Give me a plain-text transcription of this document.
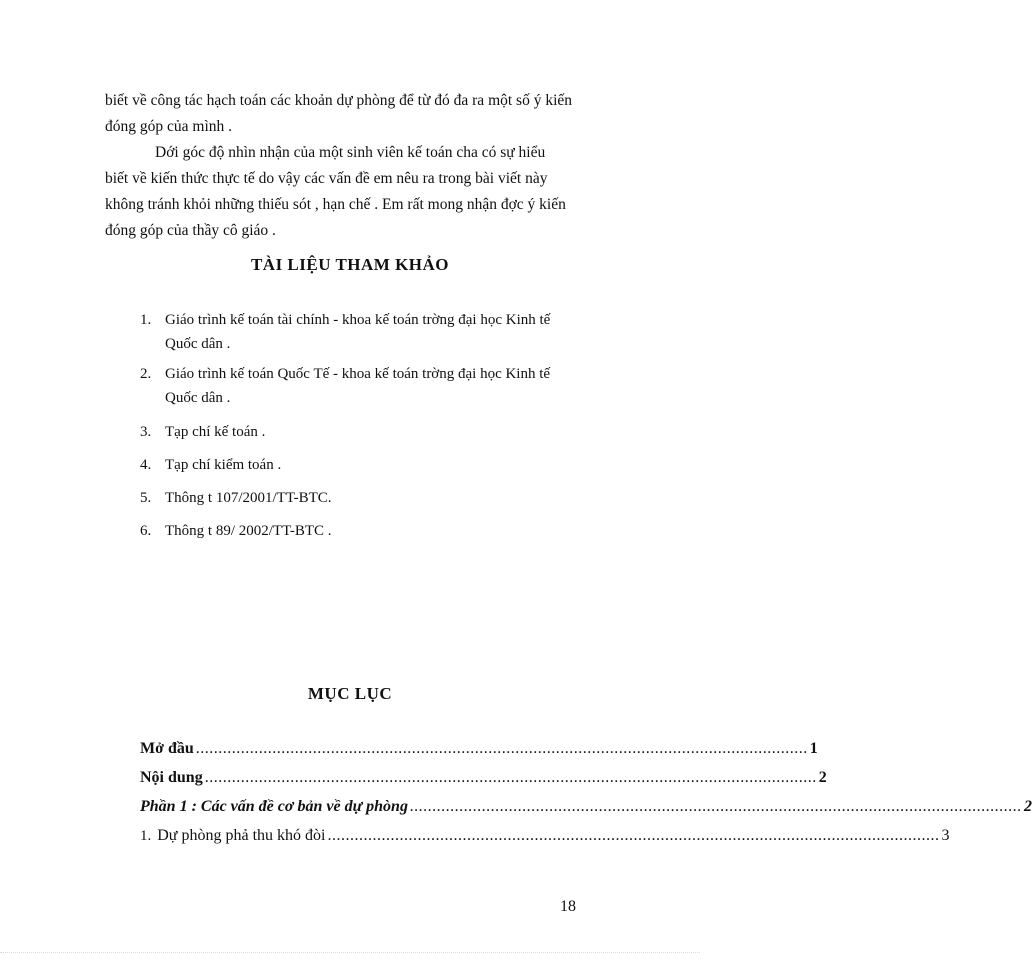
biết về công tác hạch toán các khoản dự phòng để từ đó đa ra một số ý kiến
đóng góp của mình .

Dới góc độ nhìn nhận của một sinh viên kế toán cha có sự hiểu
biết về kiến thức thực tế do vậy các vấn đề em nêu ra trong bài viết này
không tránh khỏi những thiếu sót , hạn chế . Em rất mong nhận đợc ý kiến
đóng góp của thầy cô giáo .

TÀI LIỆU THAM KHẢO
1. Giáo trình kế toán tài chính - khoa kế toán trờng đại học Kinh tế
Quốc dân .
2. Giáo trình kế toán Quốc Tế - khoa kế toán trờng đại học Kinh tế
Quốc dân .
3. Tạp chí kế toán .
4. Tạp chí kiểm toán .
5. Thông t 107/2001/TT-BTC.
6. Thông t 89/ 2002/TT-BTC .
MỤC LỤC
Mở đầu ........................................................................................................................................ 1
Nội dung ........................................................................................................................................ 2
Phần 1 : Các vấn đề cơ bản về dự phòng ........................................................................................................................................ 2
1. Dự phòng phả thu khó đòi ........................................................................................................................................ 3
18
